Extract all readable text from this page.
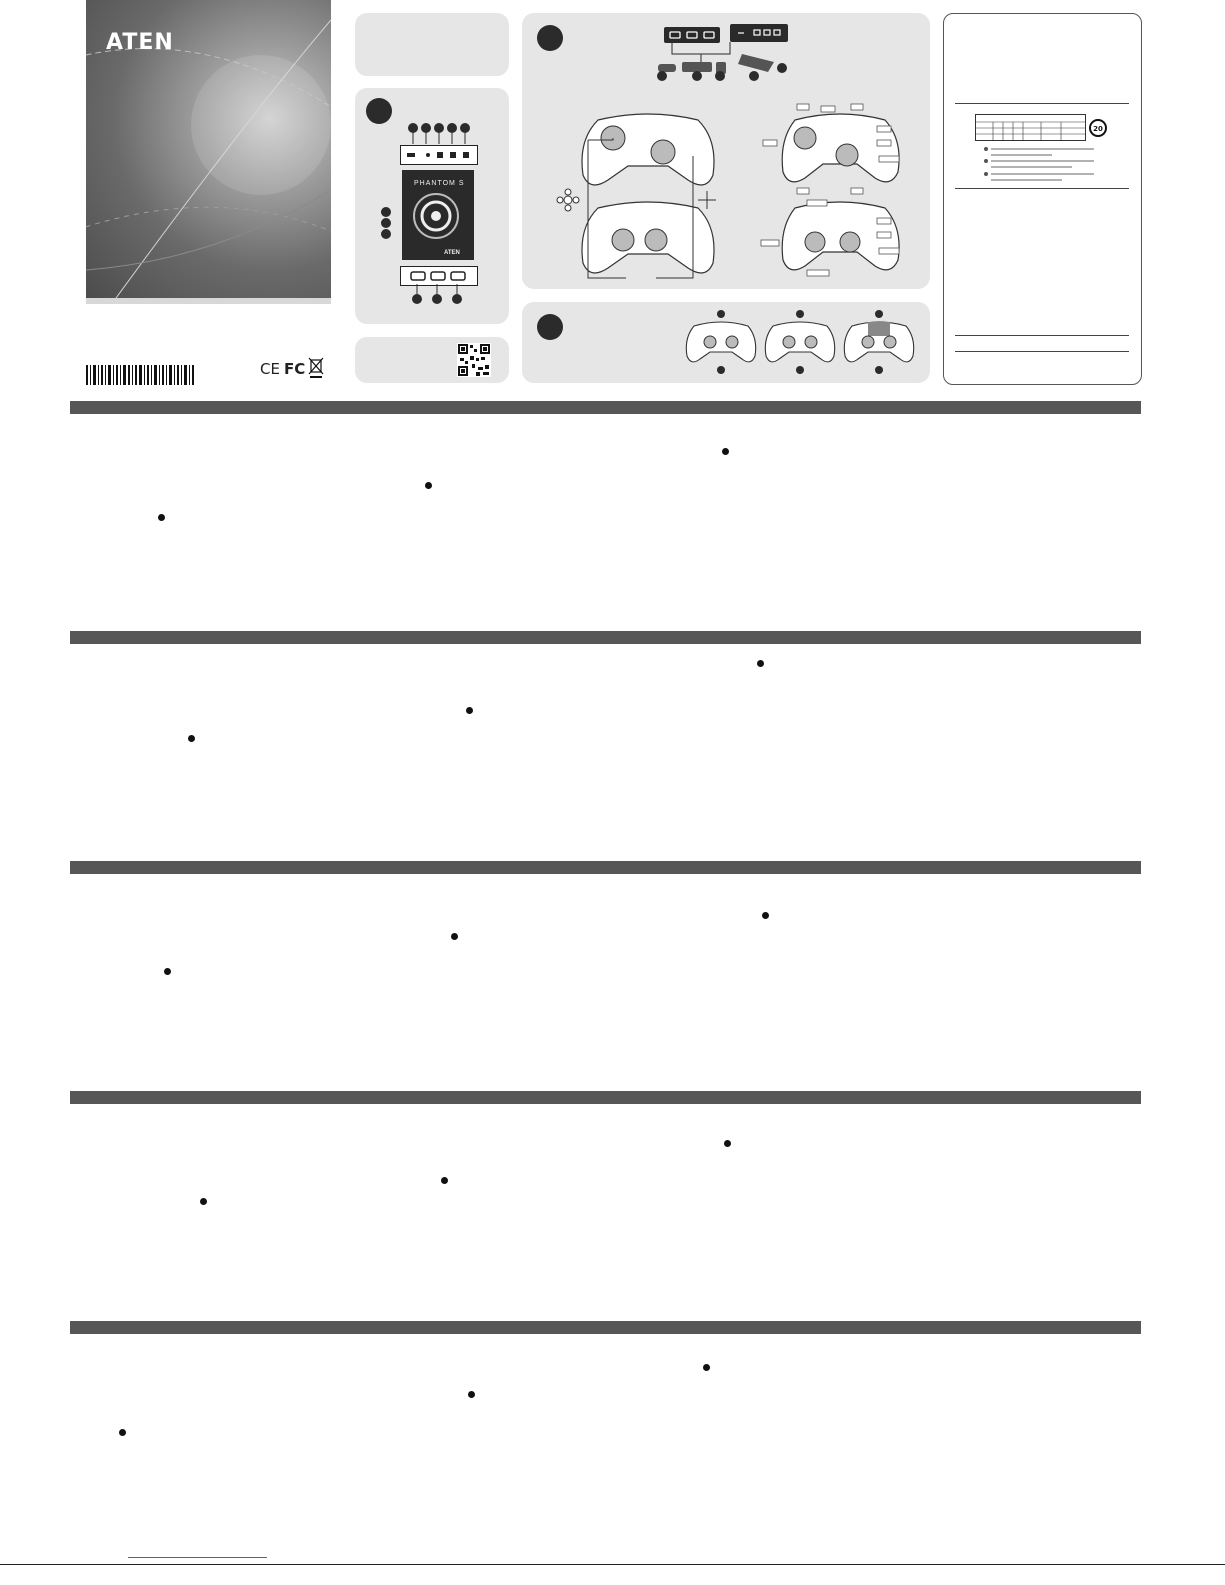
ATEN
CE FC
PHANTOM S
ATEN
20
